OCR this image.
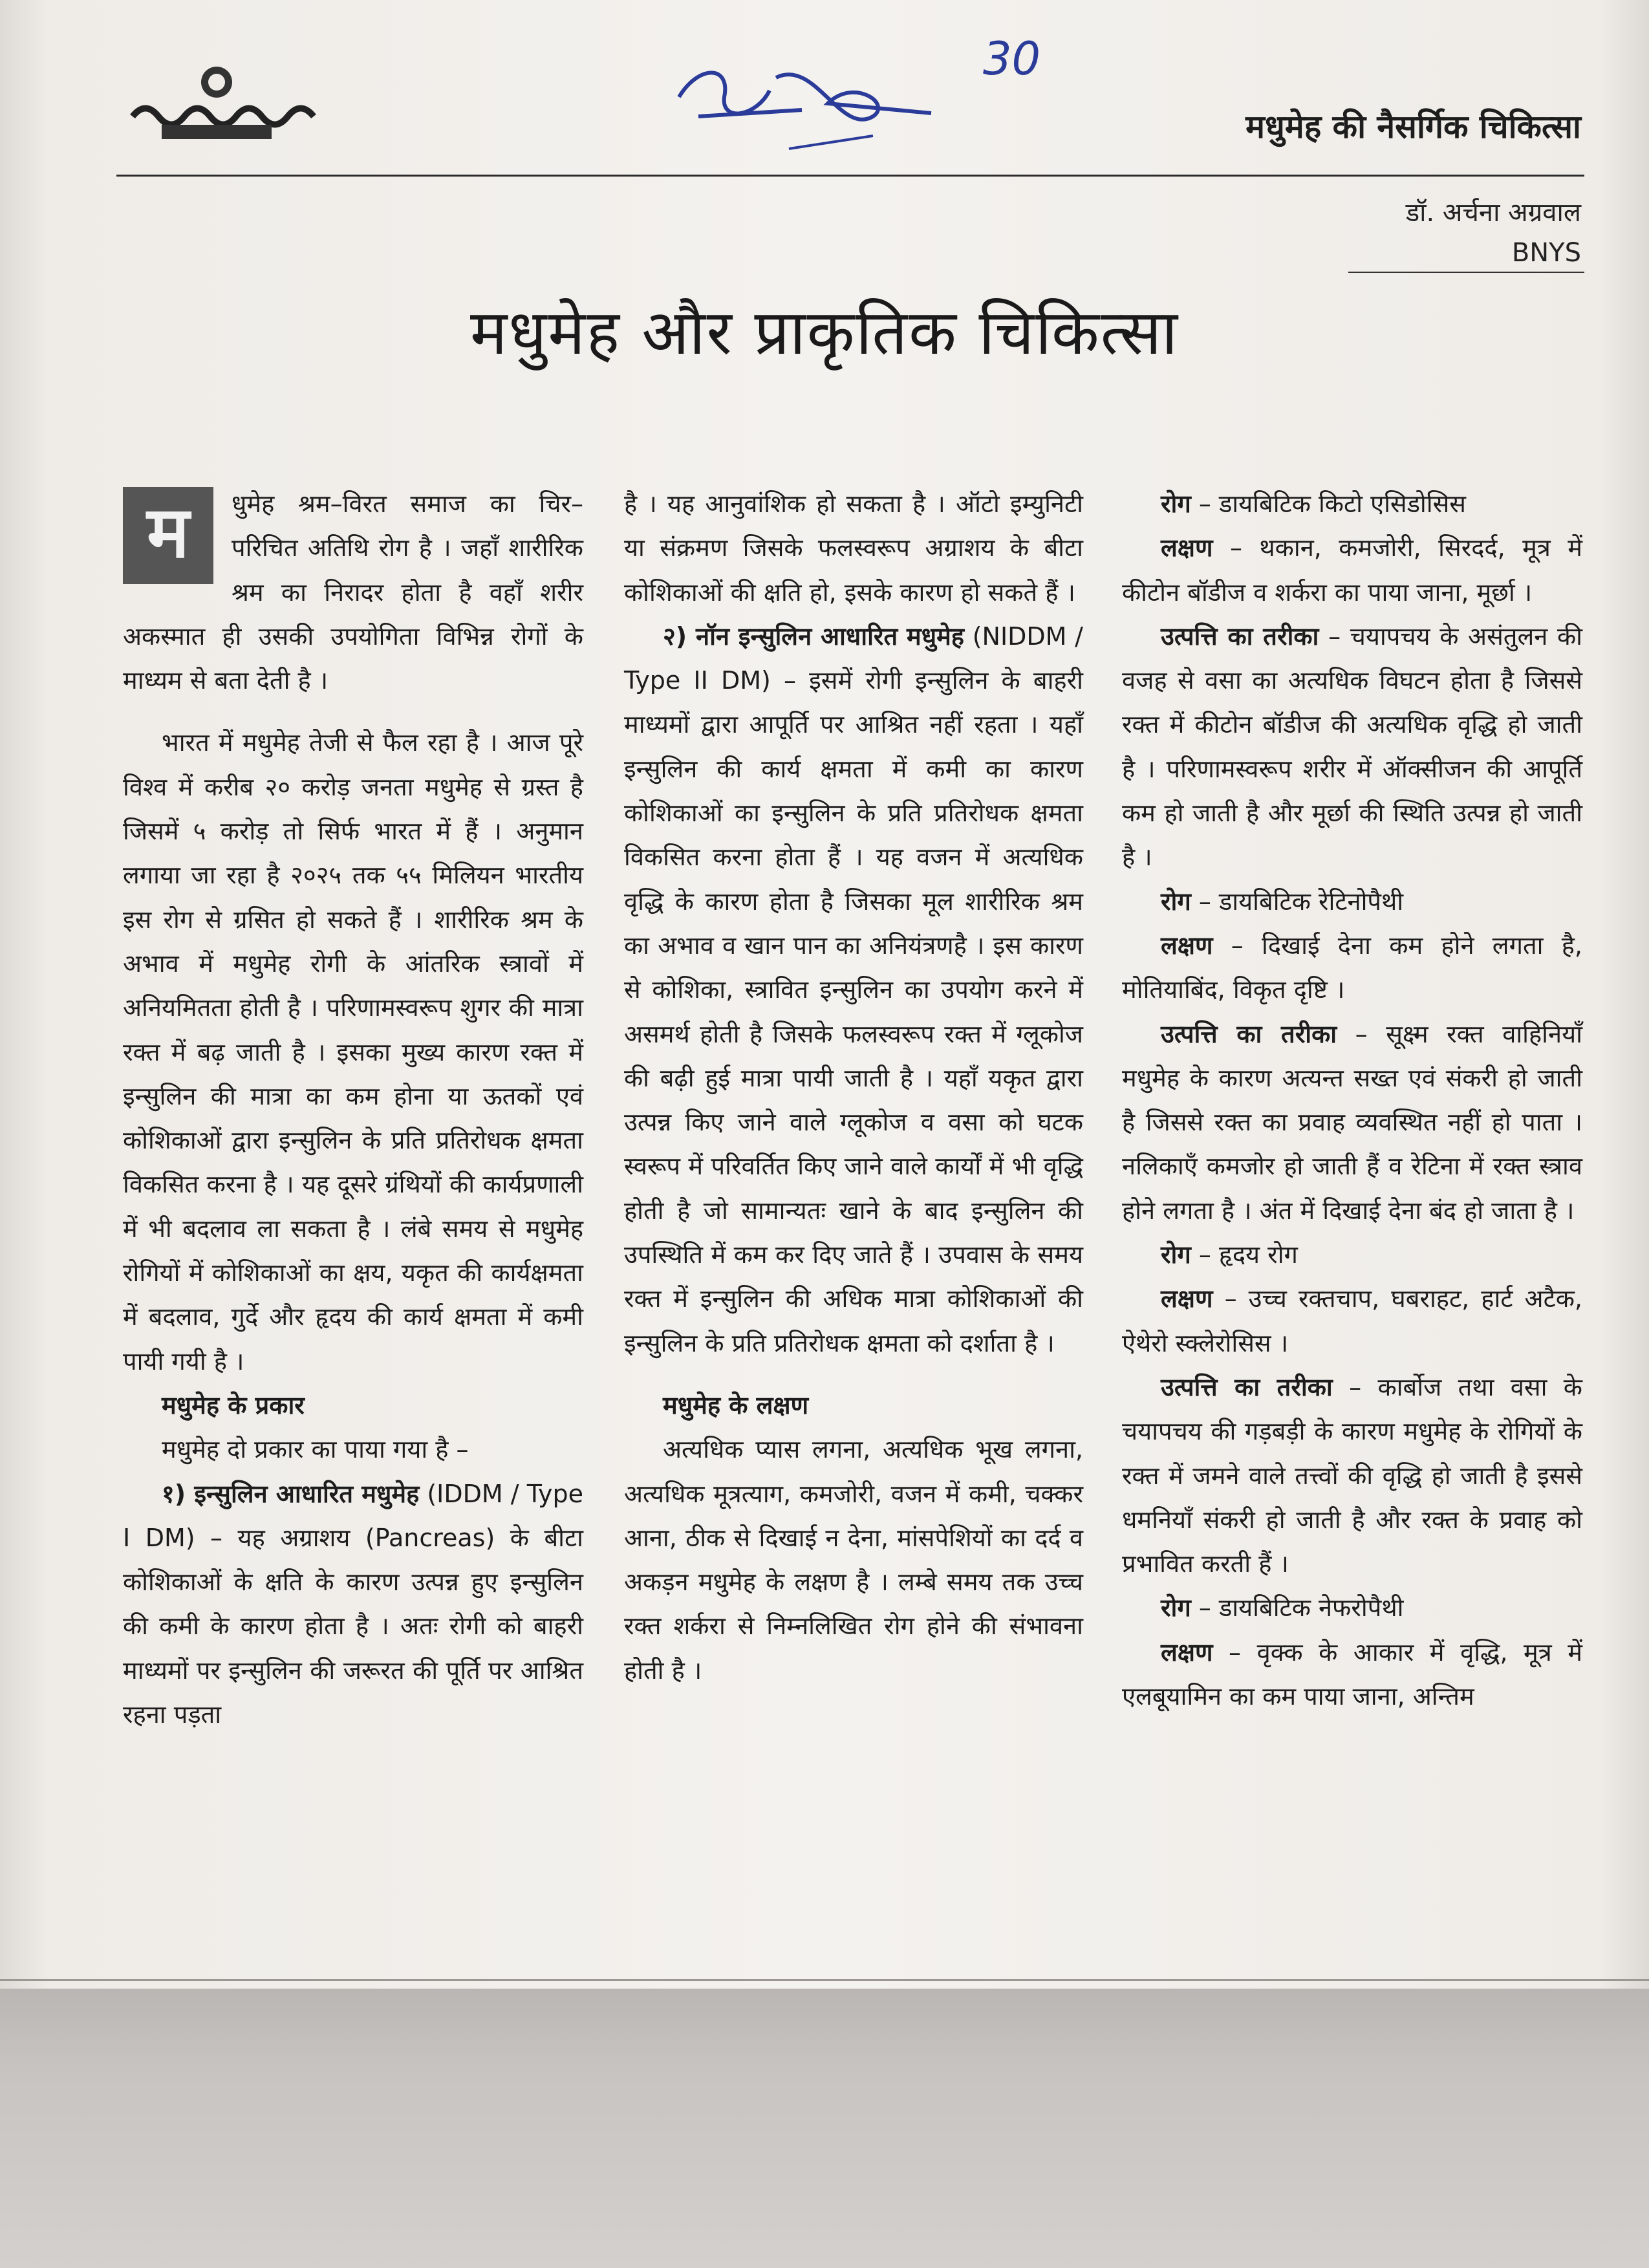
30
मधुमेह की नैसर्गिक चिकित्सा
डॉ. अर्चना अग्रवाल
BNYS
मधुमेह और प्राकृतिक चिकित्सा

म	धुमेह श्रम–विरत समाज का चिर–परिचित अतिथि रोग है । जहाँ शारीरिक श्रम का निरादर होता है वहाँ शरीर अकस्मात ही उसकी उपयोगिता विभिन्न रोगों के माध्यम से बता देती है ।

भारत में मधुमेह तेजी से फैल रहा है । आज पूरे विश्व में करीब २० करोड़ जनता मधुमेह से ग्रस्त है जिसमें ५ करोड़ तो सिर्फ भारत में हैं । अनुमान लगाया जा रहा है २०२५ तक ५५ मिलियन भारतीय इस रोग से ग्रसित हो सकते हैं । शारीरिक श्रम के अभाव में मधुमेह रोगी के आंतरिक स्त्रावों में अनियमितता होती है । परिणामस्वरूप शुगर की मात्रा रक्त में बढ़ जाती है । इसका मुख्य कारण रक्त में इन्सुलिन की मात्रा का कम होना या ऊतकों एवं कोशिकाओं द्वारा इन्सुलिन के प्रति प्रतिरोधक क्षमता विकसित करना है । यह दूसरे ग्रंथियों की कार्यप्रणाली में भी बदलाव ला सकता है । लंबे समय से मधुमेह रोगियों में कोशिकाओं का क्षय, यकृत की कार्यक्षमता में बदलाव, गुर्दे और हृदय की कार्य क्षमता में कमी पायी गयी है ।

मधुमेह के प्रकार

मधुमेह दो प्रकार का पाया गया है –

१) इन्सुलिन आधारित मधुमेह (IDDM / Type I DM) – यह अग्राशय (Pancreas) के बीटा कोशिकाओं के क्षति के कारण उत्पन्न हुए इन्सुलिन की कमी के कारण होता है । अतः रोगी को बाहरी माध्यमों पर इन्सुलिन की जरूरत की पूर्ति पर आश्रित रहना पड़ता

है । यह आनुवांशिक हो सकता है । ऑटो इम्युनिटी या संक्रमण जिसके फलस्वरूप अग्राशय के बीटा कोशिकाओं की क्षति हो, इसके कारण हो सकते हैं ।

२) नॉन इन्सुलिन आधारित मधुमेह (NIDDM / Type II DM) – इसमें रोगी इन्सुलिन के बाहरी माध्यमों द्वारा आपूर्ति पर आश्रित नहीं रहता । यहाँ इन्सुलिन की कार्य क्षमता में कमी का कारण कोशिकाओं का इन्सुलिन के प्रति प्रतिरोधक क्षमता विकसित करना होता हैं । यह वजन में अत्यधिक वृद्धि के कारण होता है जिसका मूल शारीरिक श्रम का अभाव व खान पान का अनियंत्रणहै । इस कारण से कोशिका, स्त्रावित इन्सुलिन का उपयोग करने में असमर्थ होती है जिसके फलस्वरूप रक्त में ग्लूकोज की बढ़ी हुई मात्रा पायी जाती है । यहाँ यकृत द्वारा उत्पन्न किए जाने वाले ग्लूकोज व वसा को घटक स्वरूप में परिवर्तित किए जाने वाले कार्यों में भी वृद्धि होती है जो सामान्यतः खाने के बाद इन्सुलिन की उपस्थिति में कम कर दिए जाते हैं । उपवास के समय रक्त में इन्सुलिन की अधिक मात्रा कोशिकाओं की इन्सुलिन के प्रति प्रतिरोधक क्षमता को दर्शाता है ।

मधुमेह के लक्षण

अत्यधिक प्यास लगना, अत्यधिक भूख लगना, अत्यधिक मूत्रत्याग, कमजोरी, वजन में कमी, चक्कर आना, ठीक से दिखाई न देना, मांसपेशियों का दर्द व अकड़न मधुमेह के लक्षण है । लम्बे समय तक उच्च रक्त शर्करा से निम्नलिखित रोग होने की संभावना होती है ।

रोग – डायबिटिक किटो एसिडोसिस

लक्षण – थकान, कमजोरी, सिरदर्द, मूत्र में कीटोन बॉडीज व शर्करा का पाया जाना, मूर्छा ।

उत्पत्ति का तरीका – चयापचय के असंतुलन की वजह से वसा का अत्यधिक विघटन होता है जिससे रक्त में कीटोन बॉडीज की अत्यधिक वृद्धि हो जाती है । परिणामस्वरूप शरीर में ऑक्सीजन की आपूर्ति कम हो जाती है और मूर्छा की स्थिति उत्पन्न हो जाती है ।

रोग – डायबिटिक रेटिनोपैथी

लक्षण – दिखाई देना कम होने लगता है, मोतियाबिंद, विकृत दृष्टि ।

उत्पत्ति का तरीका – सूक्ष्म रक्त वाहिनियाँ मधुमेह के कारण अत्यन्त सख्त एवं संकरी हो जाती है जिससे रक्त का प्रवाह व्यवस्थित नहीं हो पाता । नलिकाएँ कमजोर हो जाती हैं व रेटिना में रक्त स्त्राव होने लगता है । अंत में दिखाई देना बंद हो जाता है ।

रोग – हृदय रोग

लक्षण – उच्च रक्तचाप, घबराहट, हार्ट अटैक, ऐथेरो स्क्लेरोसिस ।

उत्पत्ति का तरीका – कार्बोज तथा वसा के चयापचय की गड़बड़ी के कारण मधुमेह के रोगियों के रक्त में जमने वाले तत्त्वों की वृद्धि हो जाती है इससे धमनियाँ संकरी हो जाती है और रक्त के प्रवाह को प्रभावित करती हैं ।

रोग – डायबिटिक नेफरोपैथी

लक्षण – वृक्क के आकार में वृद्धि, मूत्र में एलबूयामिन का कम पाया जाना, अन्तिम
